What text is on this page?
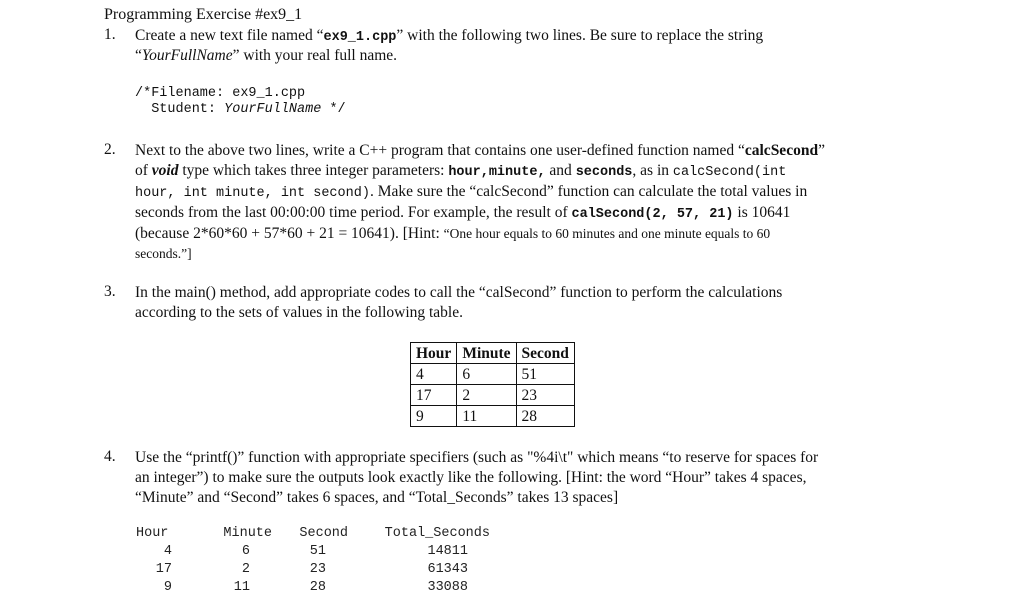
Programming Exercise #ex9_1
1.	Create a new text file named “ex9_1.cpp” with the following two lines. Be sure to replace the string
“YourFullName” with your real full name.
/*Filename: ex9_1.cpp
Student: YourFullName */
2.	Next to the above two lines, write a C++ program that contains one user-defined function named “calcSecond”
of void type which takes three integer parameters: hour,minute, and seconds, as in calcSecond(int
hour, int minute, int second). Make sure the “calcSecond” function can calculate the total values in
seconds from the last 00:00:00 time period. For example, the result of calSecond(2, 57, 21) is 10641
(because 2*60*60 + 57*60 + 21 = 10641). [Hint: “One hour equals to 60 minutes and one minute equals to 60
seconds.”]
3.	In the main() method, add appropriate codes to call the “calSecond” function to perform the calculations
according to the sets of values in the following table.
Hour	Minute	Second
4	6	51
17	2	23
9	11	28
4.	Use the “printf()” function with appropriate specifiers (such as "%4i\t" which means “to reserve for spaces for
an integer”) to make sure the outputs look exactly like the following. [Hint: the word “Hour” takes 4 spaces,
“Minute” and “Second” takes 6 spaces, and “Total_Seconds” takes 13 spaces]
Hour	Minute Second	Total_Seconds
4	6	51	14811
17	2	23	61343
9	11	28	33088
